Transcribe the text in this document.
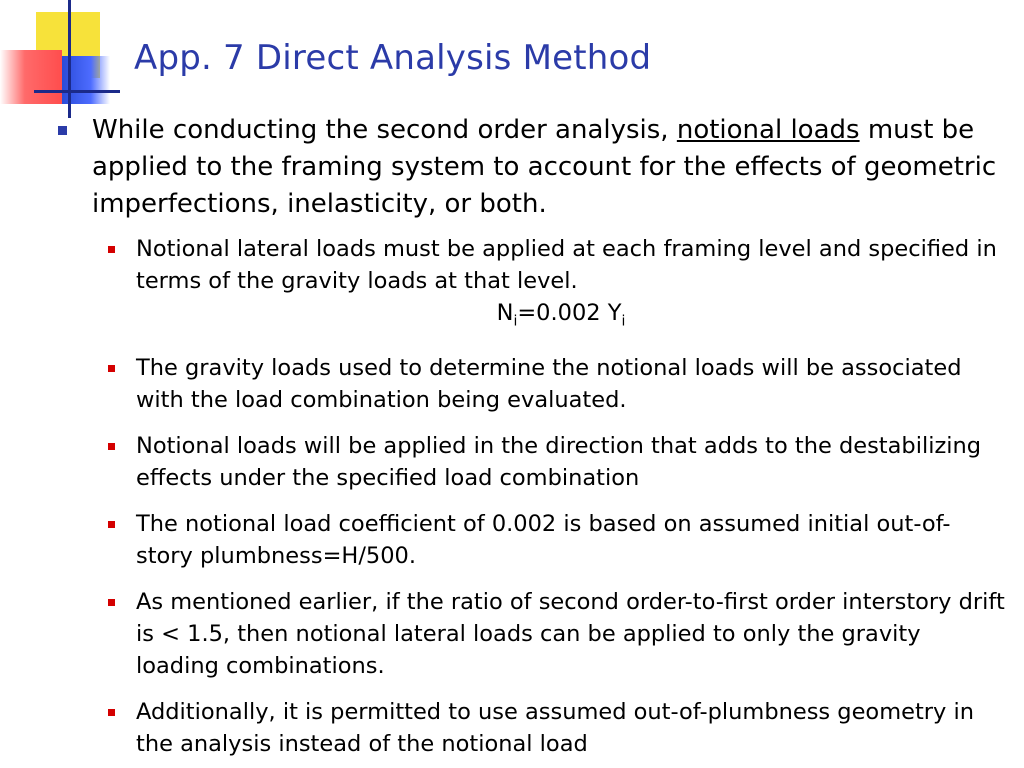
App. 7 Direct Analysis Method
While conducting the second order analysis, notional loads must be applied to the framing system to account for the effects of geometric imperfections, inelasticity, or both.
Notional lateral loads must be applied at each framing level and specified in terms of the gravity loads at that level.
$N_i=0.002$ $Y_i$
The gravity loads used to determine the notional loads will be associated with the load combination being evaluated.
Notional loads will be applied in the direction that adds to the destabilizing effects under the specified load combination
The notional load coefficient of 0.002 is based on assumed initial out-of-story plumbness=H/500.
As mentioned earlier, if the ratio of second order-to-first order interstory drift is < 1.5, then notional lateral loads can be applied to only the gravity loading combinations.
Additionally, it is permitted to use assumed out-of-plumbness geometry in the analysis instead of the notional load
